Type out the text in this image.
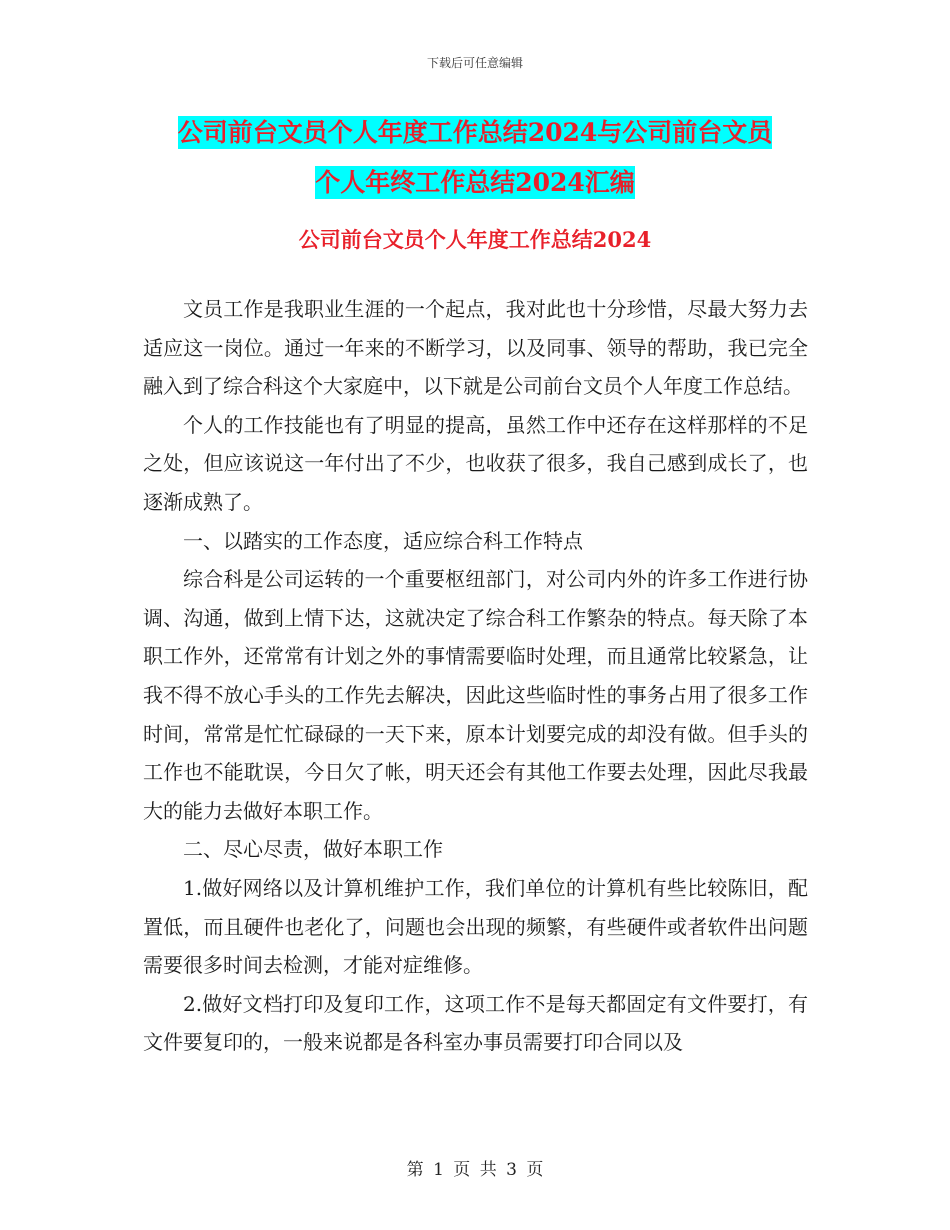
下载后可任意编辑
公司前台文员个人年度工作总结2024与公司前台文员
个人年终工作总结2024汇编
公司前台文员个人年度工作总结2024

文员工作是我职业生涯的一个起点，我对此也十分珍惜，尽最大努力去适应这一岗位。通过一年来的不断学习，以及同事、领导的帮助，我已完全融入到了综合科这个大家庭中，以下就是公司前台文员个人年度工作总结。

个人的工作技能也有了明显的提高，虽然工作中还存在这样那样的不足之处，但应该说这一年付出了不少，也收获了很多，我自己感到成长了，也逐渐成熟了。

一、以踏实的工作态度，适应综合科工作特点

综合科是公司运转的一个重要枢纽部门，对公司内外的许多工作进行协调、沟通，做到上情下达，这就决定了综合科工作繁杂的特点。每天除了本职工作外，还常常有计划之外的事情需要临时处理，而且通常比较紧急，让我不得不放心手头的工作先去解决，因此这些临时性的事务占用了很多工作时间，常常是忙忙碌碌的一天下来，原本计划要完成的却没有做。但手头的工作也不能耽误，今日欠了帐，明天还会有其他工作要去处理，因此尽我最大的能力去做好本职工作。

二、尽心尽责，做好本职工作

1.做好网络以及计算机维护工作，我们单位的计算机有些比较陈旧，配置低，而且硬件也老化了，问题也会出现的频繁，有些硬件或者软件出问题需要很多时间去检测，才能对症维修。

2.做好文档打印及复印工作，这项工作不是每天都固定有文件要打，有文件要复印的，一般来说都是各科室办事员需要打印合同以及

第 1 页 共 3 页
